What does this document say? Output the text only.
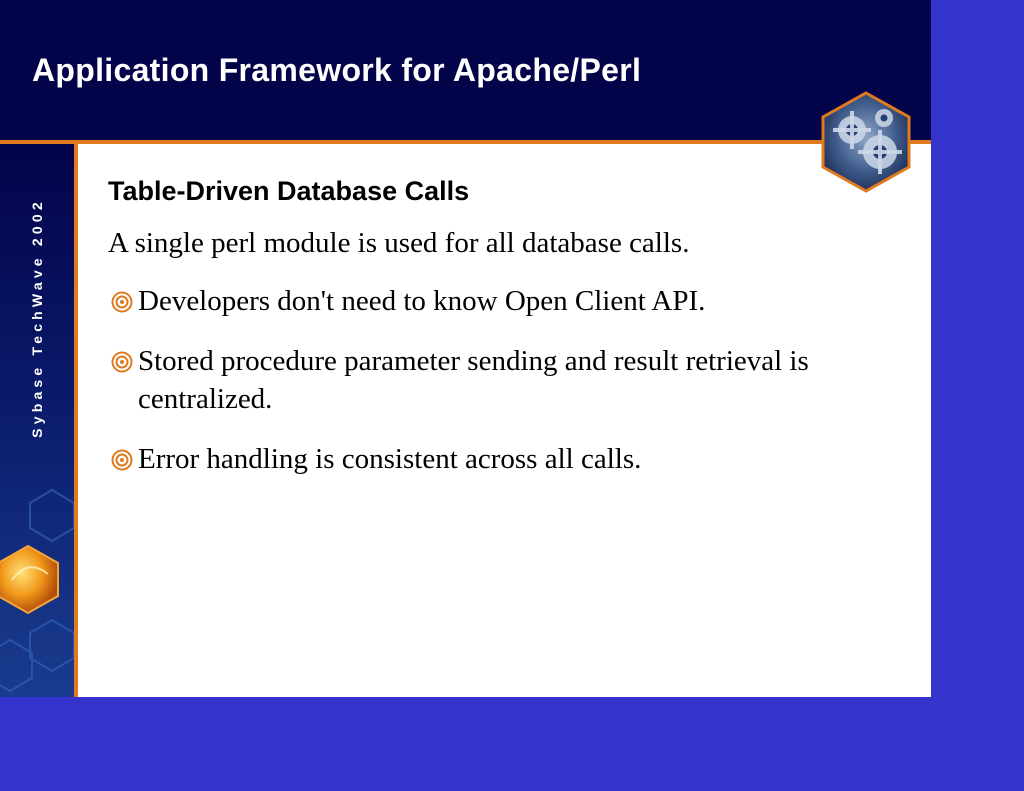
Application Framework for Apache/Perl
Sybase TechWave 2002
Table-Driven Database Calls

A single perl module is used for all database calls.

Developers don't need to know Open Client API.
Stored procedure parameter sending and result retrieval is centralized.
Error handling is consistent across all calls.
